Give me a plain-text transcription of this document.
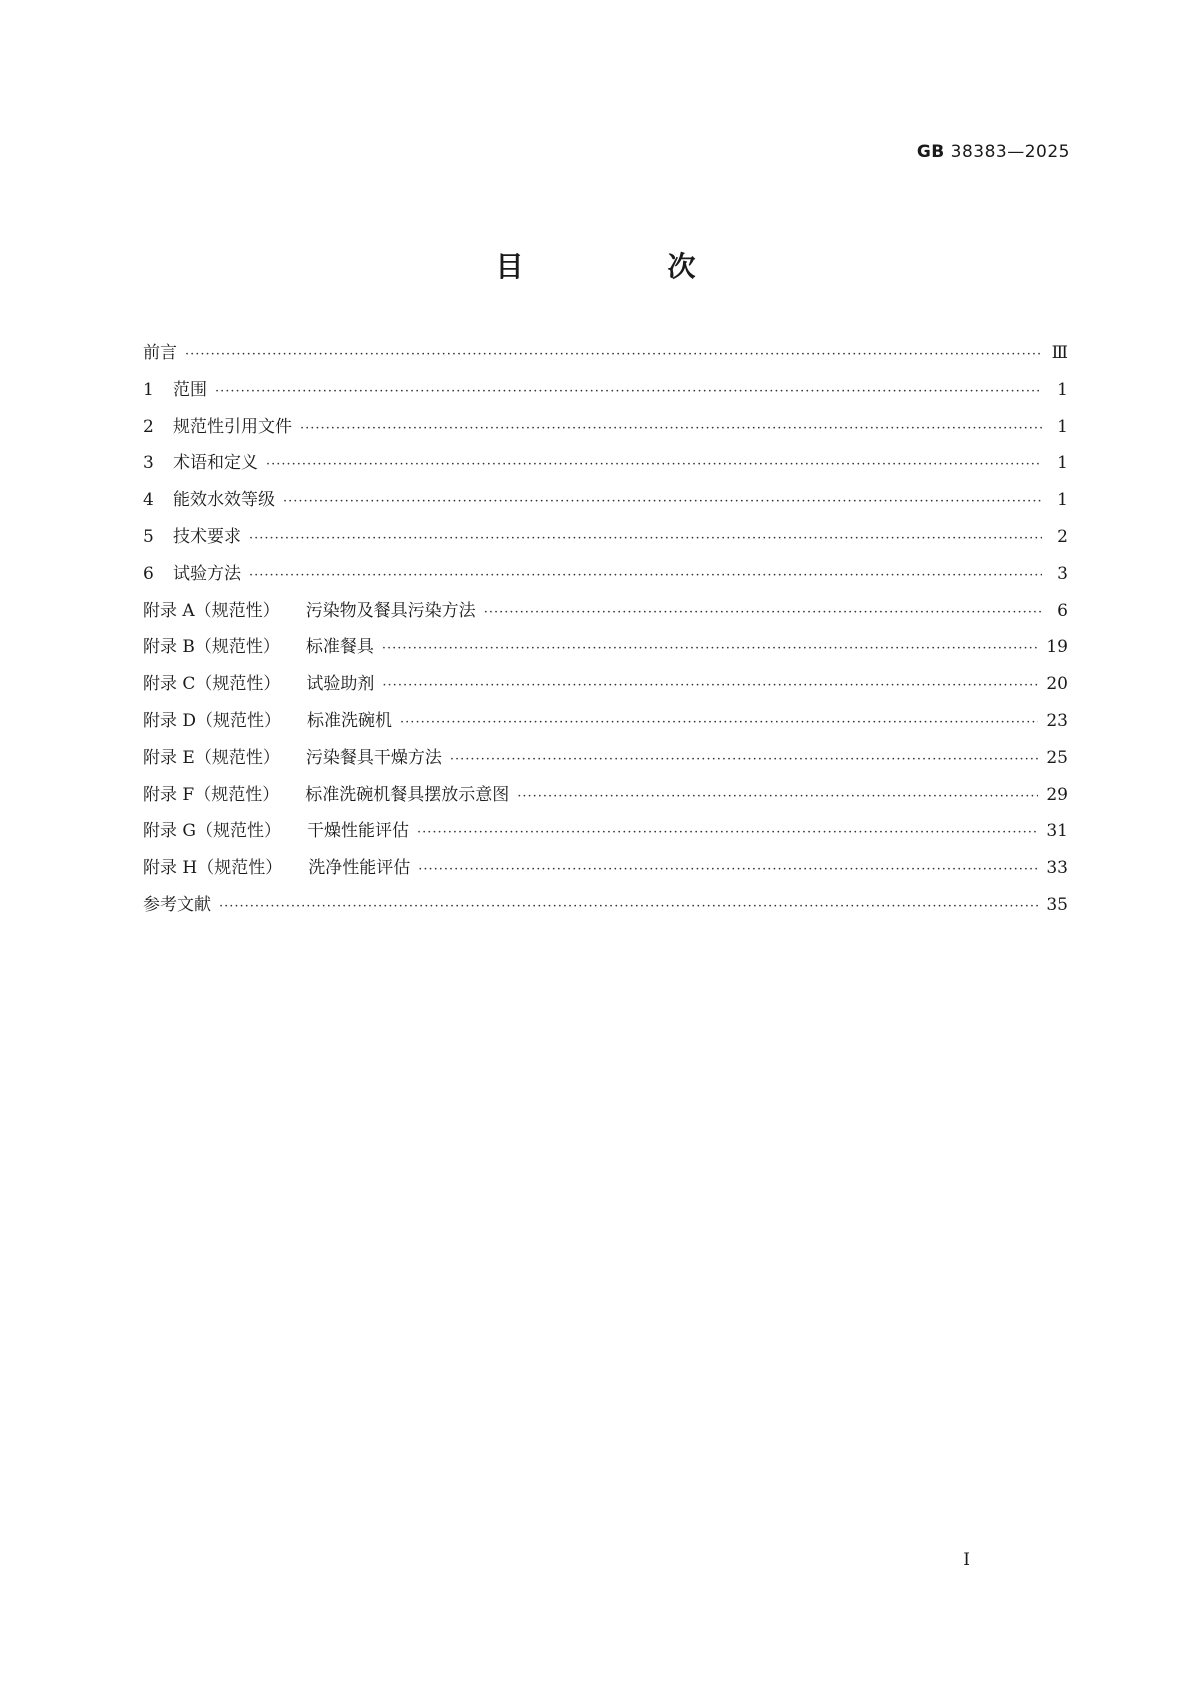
GB 38383—2025
目　次
前言 ·····	Ⅲ
1	范围 ·····	1
2	规范性引用文件 ·····	1
3	术语和定义 ·····	1
4	能效水效等级 ·····	1
5	技术要求 ·····	2
6	试验方法 ·····	3
附录 A（规范性） 污染物及餐具污染方法 ·····	6
附录 B（规范性） 标准餐具 ·····	19
附录 C（规范性） 试验助剂 ·····	20
附录 D（规范性） 标准洗碗机 ·····	23
附录 E（规范性） 污染餐具干燥方法 ·····	25
附录 F（规范性） 标准洗碗机餐具摆放示意图 ·····	29
附录 G（规范性） 干燥性能评估 ·····	31
附录 H（规范性） 洗净性能评估 ·····	33
参考文献 ·····	35
I
